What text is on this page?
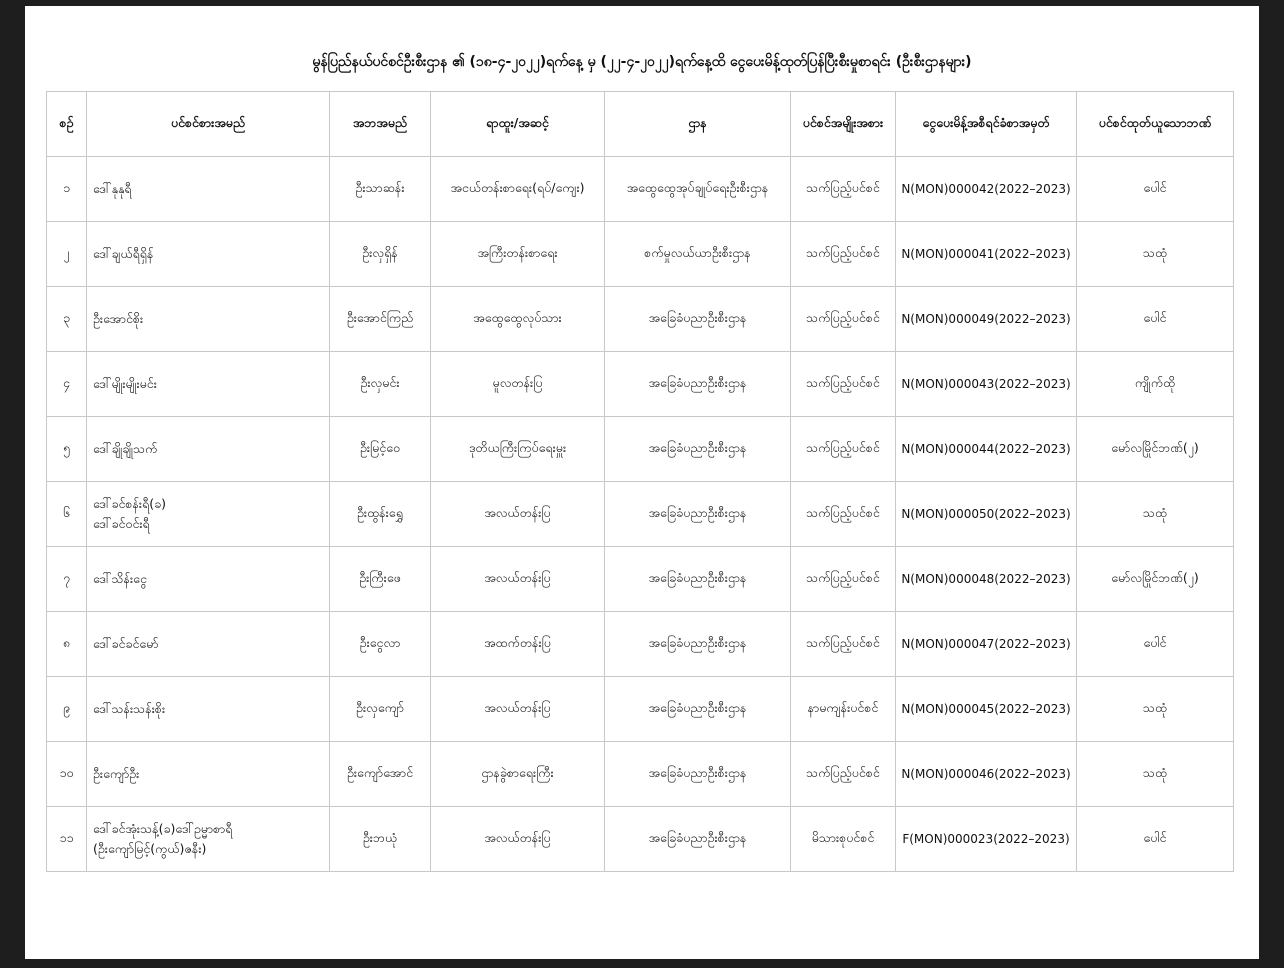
မွန်ပြည်နယ်ပင်စင်ဦးစီးဌာန ၏ (၁၈-၄-၂၀၂၂)ရက်နေ့ မှ (၂၂-၄-၂၀၂၂)ရက်နေ့ထိ ငွေပေးမိန့်ထုတ်ပြန်ပြီးစီးမှုစာရင်း (ဦးစီးဌာနများ)
စဉ်	ပင်စင်စားအမည်	အဘအမည်	ရာထူး/အဆင့်	ဌာန	ပင်စင်အမျိုးအစား	ငွေပေးမိန့်အစီရင်ခံစာအမှတ်	ပင်စင်ထုတ်ယူသောဘဏ်
၁	ဒေါ်နုနုရီ	ဦးသာဆန်း	အငယ်တန်းစာရေး(ရပ်/ကျေး)	အထွေထွေအုပ်ချုပ်ရေးဦးစီးဌာန	သက်ပြည့်ပင်စင်	N(MON)000042(2022–2023)	ပေါင်
၂	ဒေါ်ချယ်ရီရှိန်	ဦးလှရှိန်	အကြီးတန်းစာရေး	စက်မှုလယ်ယာဦးစီးဌာန	သက်ပြည့်ပင်စင်	N(MON)000041(2022–2023)	သထုံ
၃	ဦးအောင်စိုး	ဦးအောင်ကြည်	အထွေထွေလုပ်သား	အခြေခံပညာဦးစီးဌာန	သက်ပြည့်ပင်စင်	N(MON)000049(2022–2023)	ပေါင်
၄	ဒေါ်မျိုးမျိုးမင်း	ဦးလှမင်း	မူလတန်းပြ	အခြေခံပညာဦးစီးဌာန	သက်ပြည့်ပင်စင်	N(MON)000043(2022–2023)	ကျိုက်ထို
၅	ဒေါ်ချိုချိုသက်	ဦးမြင့်ဝေ	ဒုတိယကြီးကြပ်ရေးမှူး	အခြေခံပညာဦးစီးဌာန	သက်ပြည့်ပင်စင်	N(MON)000044(2022–2023)	မော်လမြိုင်ဘဏ်(၂)
၆	ဒေါ်ခင်စန်းရီ(ခ)
ဒေါ်ခင်ဝင်းရီ	ဦးထွန်းရွှေ	အလယ်တန်းပြ	အခြေခံပညာဦးစီးဌာန	သက်ပြည့်ပင်စင်	N(MON)000050(2022–2023)	သထုံ
၇	ဒေါ်သိန်းငွေ	ဦးကြီးဖေ	အလယ်တန်းပြ	အခြေခံပညာဦးစီးဌာန	သက်ပြည့်ပင်စင်	N(MON)000048(2022–2023)	မော်လမြိုင်ဘဏ်(၂)
၈	ဒေါ်ခင်ခင်မော်	ဦးငွေလာ	အထက်တန်းပြ	အခြေခံပညာဦးစီးဌာန	သက်ပြည့်ပင်စင်	N(MON)000047(2022–2023)	ပေါင်
၉	ဒေါ်သန်းသန်းစိုး	ဦးလှကျော်	အလယ်တန်းပြ	အခြေခံပညာဦးစီးဌာန	နာမကျန်းပင်စင်	N(MON)000045(2022–2023)	သထုံ
၁၀	ဦးကျော်ဦး	ဦးကျော်အောင်	ဌာနခွဲစာရေးကြီး	အခြေခံပညာဦးစီးဌာန	သက်ပြည့်ပင်စင်	N(MON)000046(2022–2023)	သထုံ
၁၁	ဒေါ်ခင်အုံးသန့်(ခ)ဒေါ်ဥမ္မာစာရီ
(ဦးကျော်မြင့်(ကွယ်)ဇနီး)	ဦးဘယုံ	အလယ်တန်းပြ	အခြေခံပညာဦးစီးဌာန	မိသားစုပင်စင်	F(MON)000023(2022–2023)	ပေါင်
